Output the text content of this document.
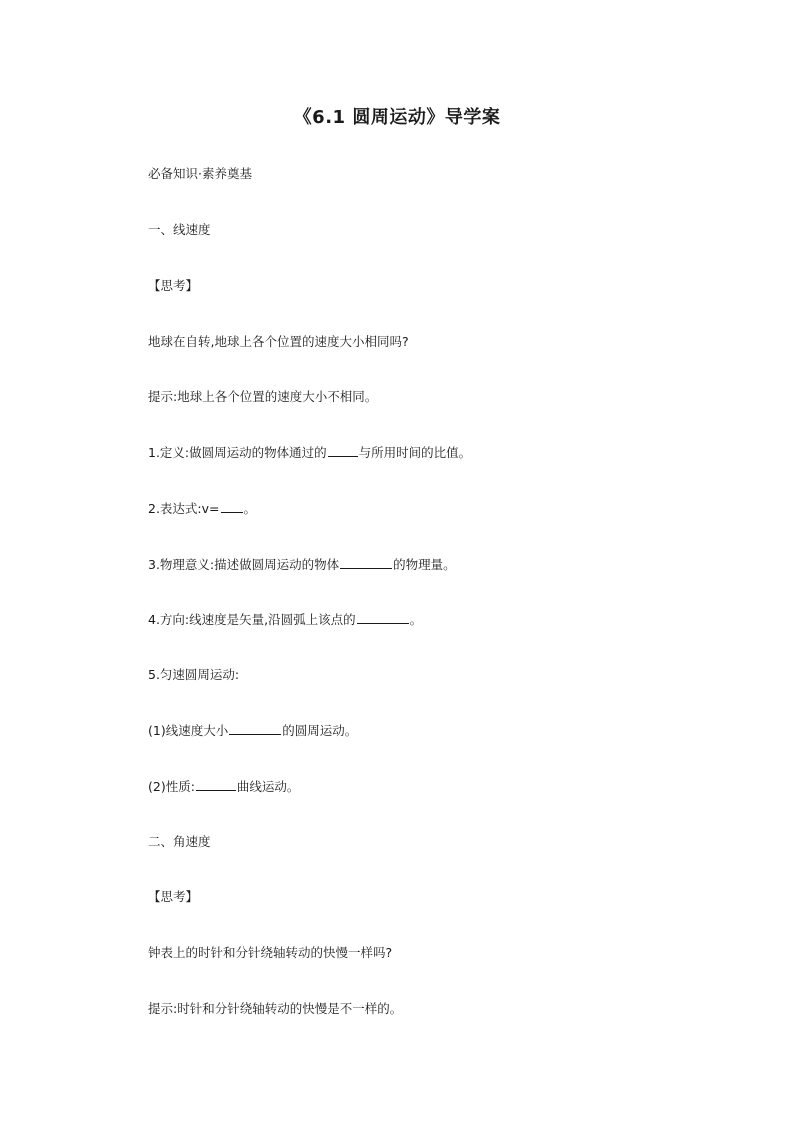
《6.1 圆周运动》导学案
必备知识·素养奠基
一、线速度
【思考】
地球在自转,地球上各个位置的速度大小相同吗?
提示:地球上各个位置的速度大小不相同。
1.定义:做圆周运动的物体通过的	与所用时间的比值。
2.表达式:v= 。
3.物理意义:描述做圆周运动的物体	的物理量。
4.方向:线速度是矢量,沿圆弧上该点的	。
5.匀速圆周运动:
(1)线速度大小	的圆周运动。
(2)性质:	曲线运动。
二、角速度
【思考】
钟表上的时针和分针绕轴转动的快慢一样吗?
提示:时针和分针绕轴转动的快慢是不一样的。
